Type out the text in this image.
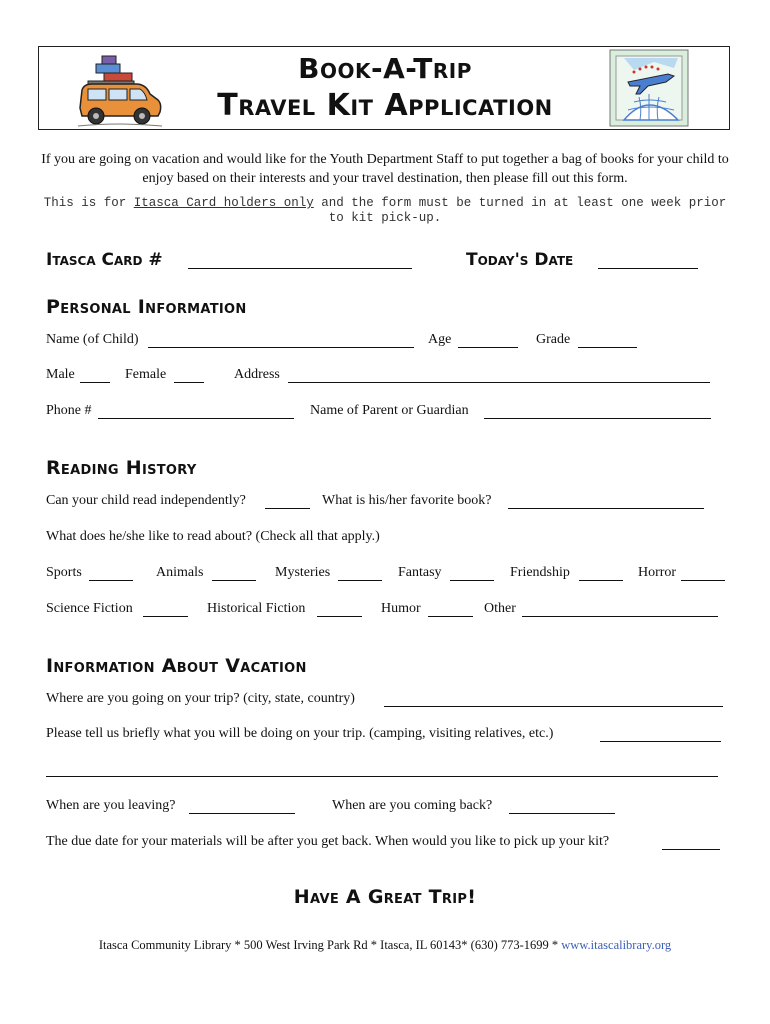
Book-A-Trip
Travel Kit Application
If you are going on vacation and would like for the Youth Department Staff to put together a bag of books for your child to enjoy based on their interests and your travel destination, then please fill out this form.
This is for Itasca Card holders only and the form must be turned in at least one week prior to kit pick-up.
Itasca Card #	Today's Date
Personal Information
Name (of Child)	Age	Grade
Male	Female	Address
Phone #	Name of Parent or Guardian
Reading History
Can your child read independently?	What is his/her favorite book?
What does he/she like to read about? (Check all that apply.)
Sports	Animals	Mysteries	Fantasy	Friendship	Horror
Science Fiction	Historical Fiction	Humor	Other
Information About Vacation
Where are you going on your trip? (city, state, country)
Please tell us briefly what you will be doing on your trip. (camping, visiting relatives, etc.)
When are you leaving?	When are you coming back?
The due date for your materials will be after you get back. When would you like to pick up your kit?
Have A Great Trip!
Itasca Community Library * 500 West Irving Park Rd * Itasca, IL 60143* (630) 773-1699 * www.itascalibrary.org
